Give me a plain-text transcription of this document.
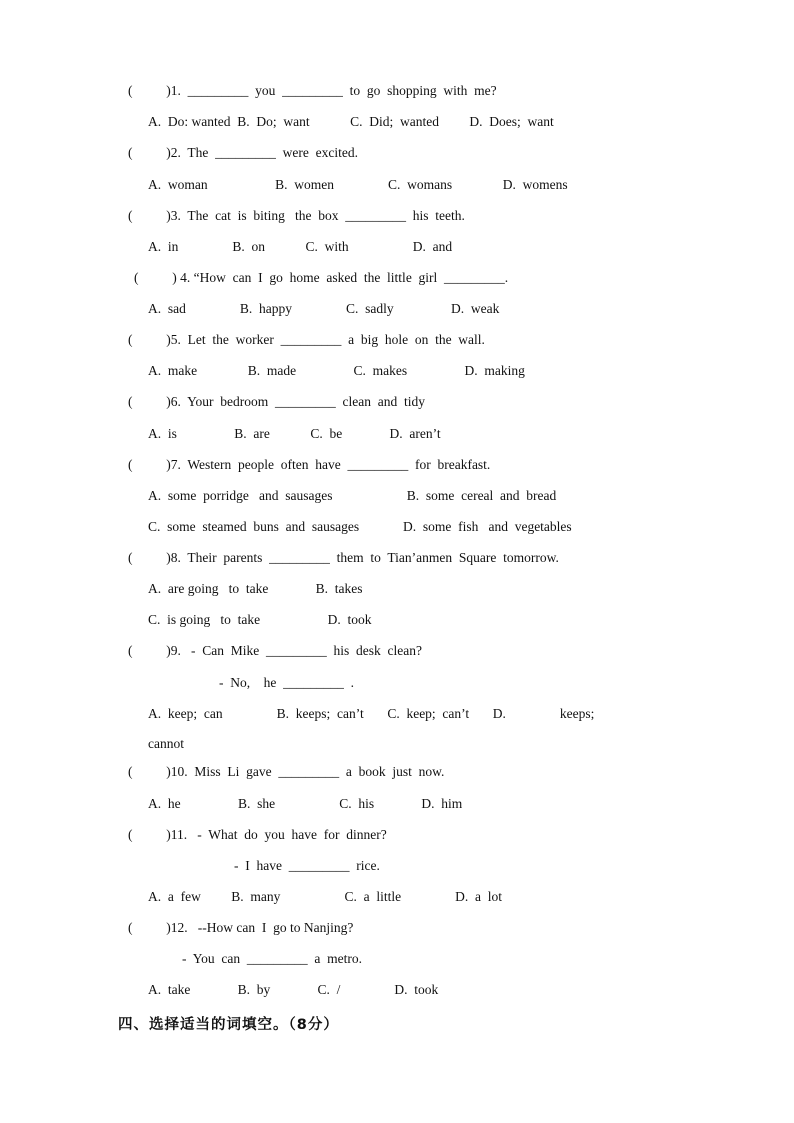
(          )1.  _________  you  _________  to  go  shopping  with  me?
A.  Do: wanted  B.  Do;  want            C.  Did;  wanted         D.  Does;  want
(          )2.  The  _________  were  excited.
A.  woman                    B.  women                C.  womans               D.  womens
(          )3.  The  cat  is  biting   the  box  _________  his  teeth.
A.  in                B.  on            C.  with                   D.  and
(          ) 4. “How  can  I  go  home  asked  the  little  girl  _________.
A.  sad                B.  happy                C.  sadly                 D.  weak
(          )5.  Let  the  worker  _________  a  big  hole  on  the  wall.
A.  make               B.  made                 C.  makes                 D.  making
(          )6.  Your  bedroom  _________  clean  and  tidy
A.  is                 B.  are            C.  be              D.  aren’t
(          )7.  Western  people  often  have  _________  for  breakfast.
A.  some  porridge   and  sausages                      B.  some  cereal  and  bread
C.  some  steamed  buns  and  sausages             D.  some  fish   and  vegetables
(          )8.  Their  parents  _________  them  to  Tian’anmen  Square  tomorrow.
A.  are going   to  take              B.  takes
C.  is going   to  take                    D.  took
(          )9.   -  Can  Mike  _________  his  desk  clean?
-  No,    he  _________  .
A.  keep;  can                B.  keeps;  can’t       C.  keep;  can’t       D.                keeps;
cannot
(          )10.  Miss  Li  gave  _________  a  book  just  now.
A.  he                 B.  she                   C.  his              D.  him
(          )11.   -  What  do  you  have  for  dinner?
-  I  have  _________  rice.
A.  a  few         B.  many                   C.  a  little                D.  a  lot
(          )12.   --How can  I  go to Nanjing?
-  You  can  _________  a  metro.
A.  take              B.  by              C.  /                D.  took
四、选择适当的词填空。（8分）
